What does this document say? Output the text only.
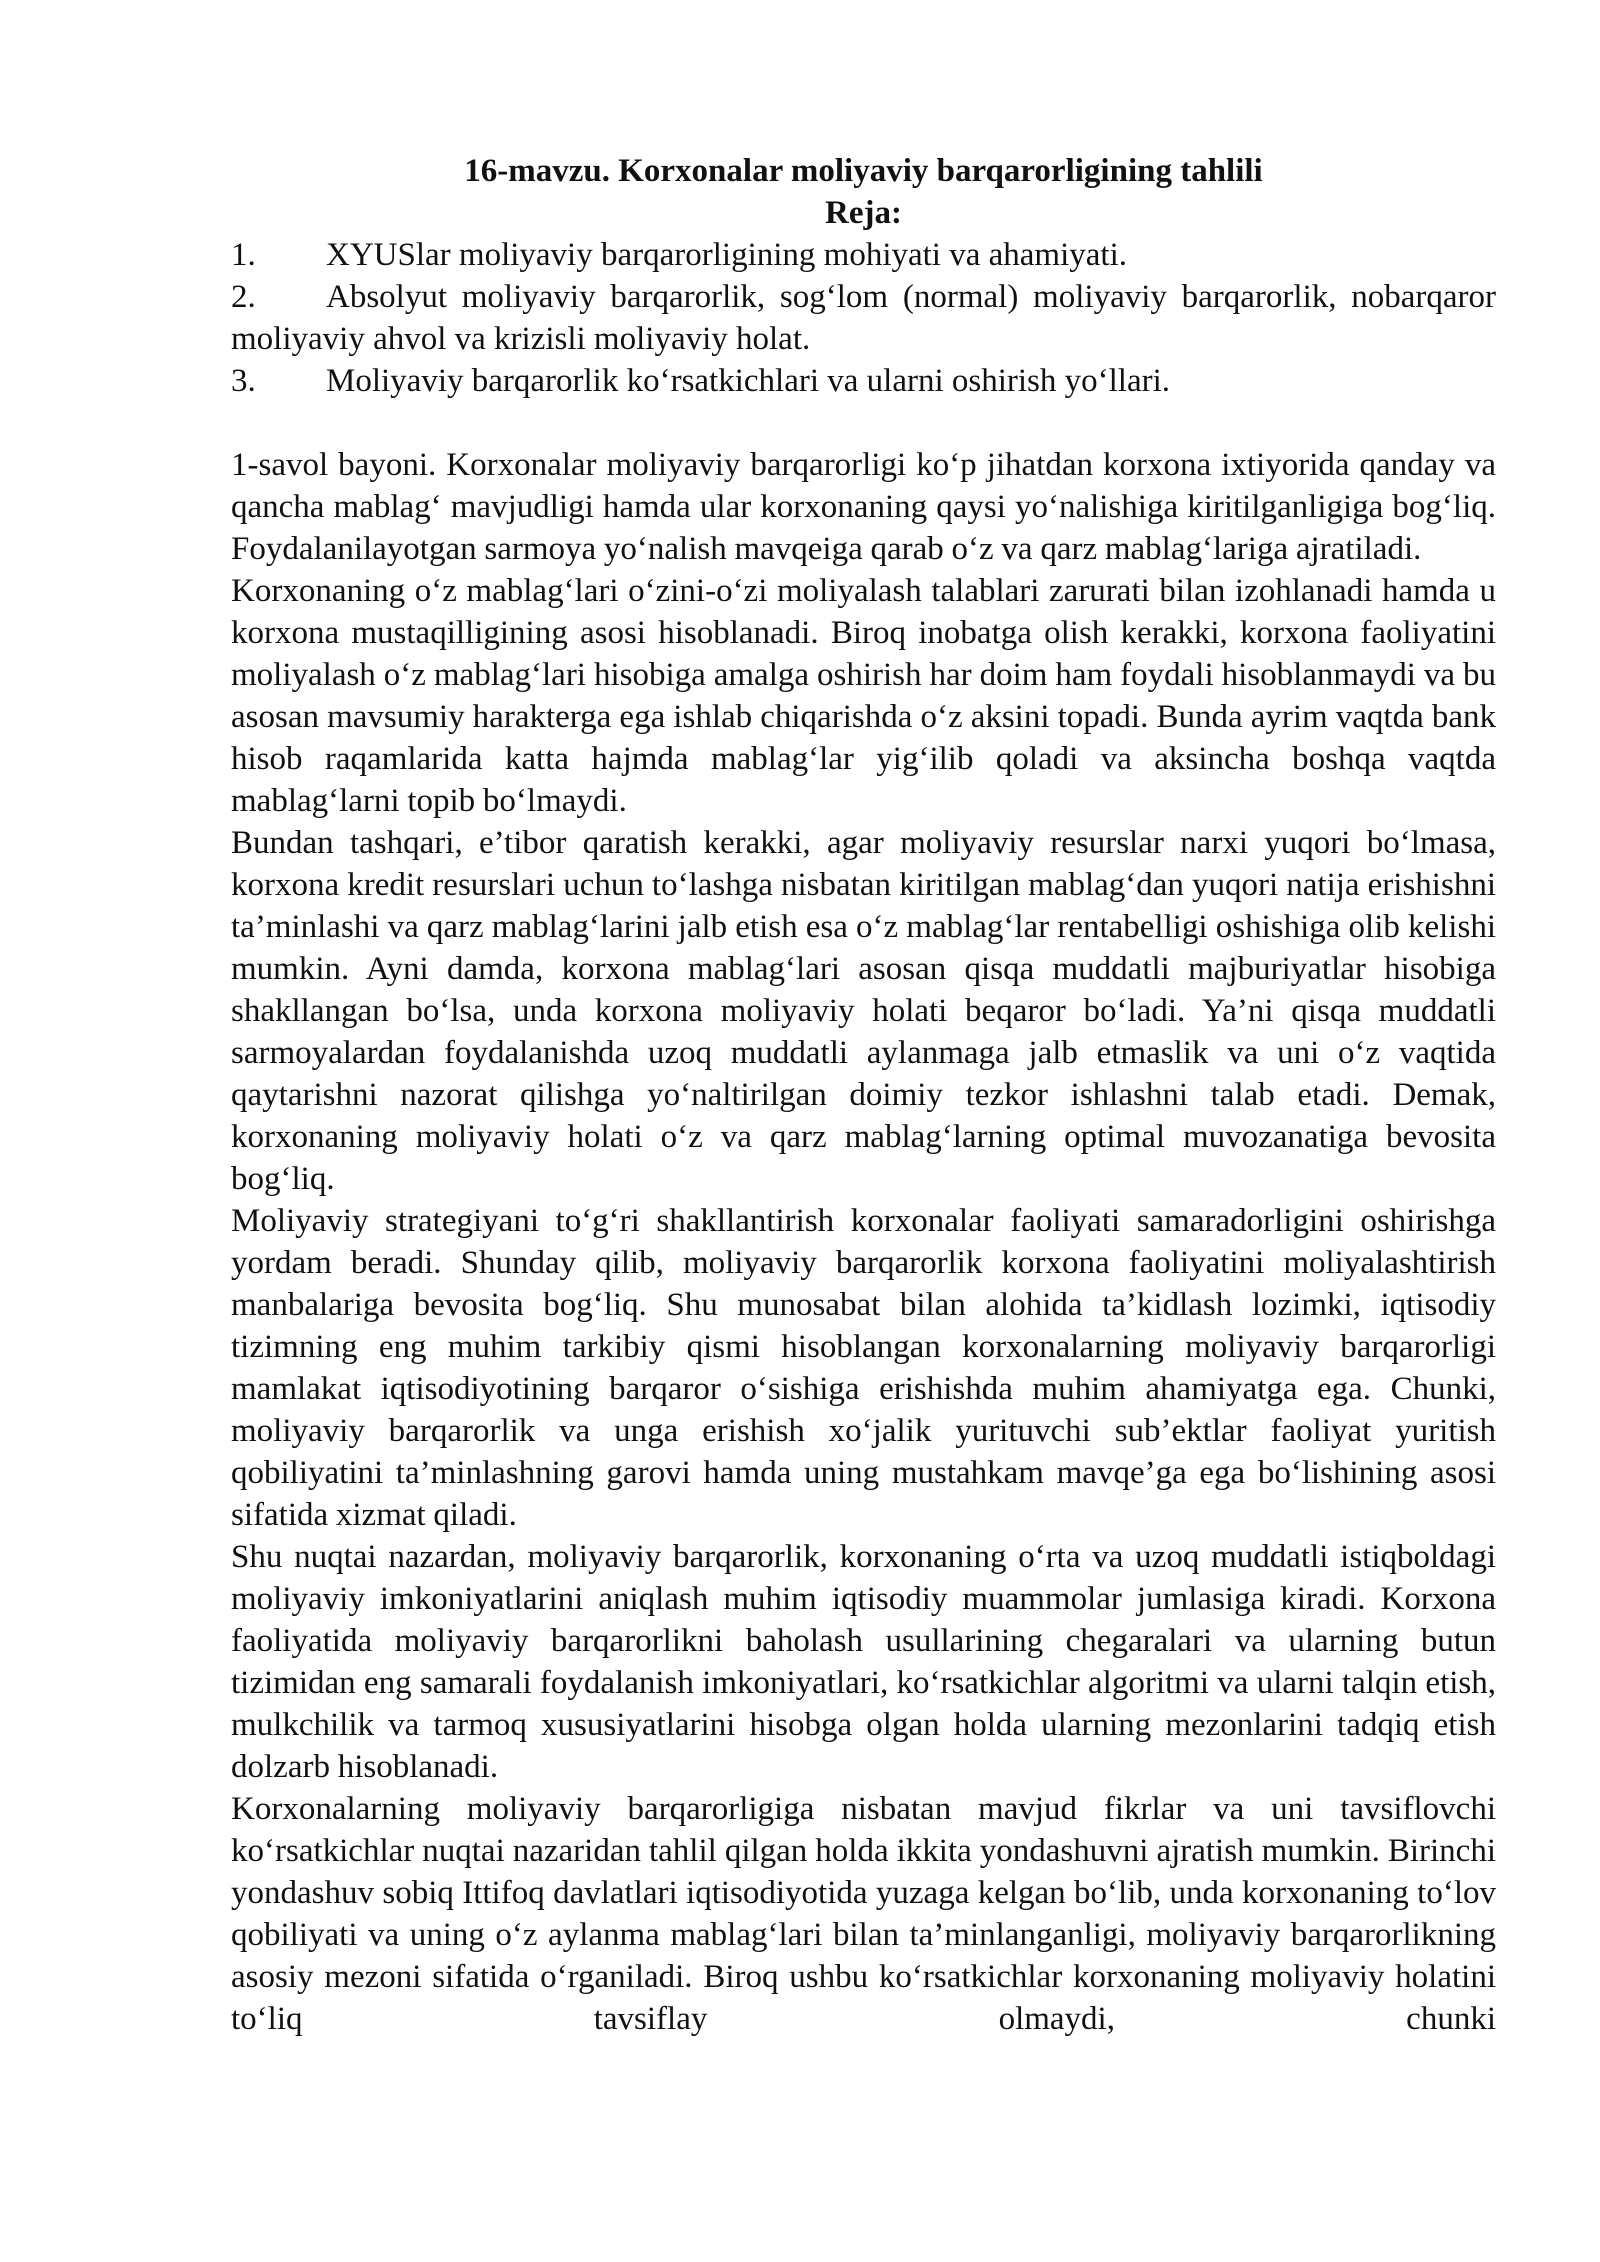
16-mavzu. Korxonalar moliyaviy barqarorligining tahlili

Reja:

1.	XYUSlar moliyaviy barqarorligining mohiyati va ahamiyati.
2. Absolyut moliyaviy barqarorlik, sog‘lom (normal) moliyaviy barqarorlik, nobarqaror moliyaviy ahvol va krizisli moliyaviy holat.
3.	Moliyaviy barqarorlik ko‘rsatkichlari va ularni oshirish yo‘llari.

1-savol bayoni. Korxonalar moliyaviy barqarorligi ko‘p jihatdan korxona ixtiyorida qanday va qancha mablag‘ mavjudligi hamda ular korxonaning qaysi yo‘nalishiga kiritilganligiga bog‘liq. Foydalanilayotgan sarmoya yo‘nalish mavqeiga qarab o‘z va qarz mablag‘lariga ajratiladi.

Korxonaning o‘z mablag‘lari o‘zini-o‘zi moliyalash talablari zarurati bilan izohlanadi hamda u korxona mustaqilligining asosi hisoblanadi. Biroq inobatga olish kerakki, korxona faoliyatini moliyalash o‘z mablag‘lari hisobiga amalga oshirish har doim ham foydali hisoblanmaydi va bu asosan mavsumiy harakterga ega ishlab chiqarishda o‘z aksini topadi. Bunda ayrim vaqtda bank hisob raqamlarida katta hajmda mablag‘lar yig‘ilib qoladi va aksincha boshqa vaqtda mablag‘larni topib bo‘lmaydi.

Bundan tashqari, e’tibor qaratish kerakki, agar moliyaviy resurslar narxi yuqori bo‘lmasa, korxona kredit resurslari uchun to‘lashga nisbatan kiritilgan mablag‘dan yuqori natija erishishni ta’minlashi va qarz mablag‘larini jalb etish esa o‘z mablag‘lar rentabelligi oshishiga olib kelishi mumkin. Ayni damda, korxona mablag‘lari asosan qisqa muddatli majburiyatlar hisobiga shakllangan bo‘lsa, unda korxona moliyaviy holati beqaror bo‘ladi. Ya’ni qisqa muddatli sarmoyalardan foydalanishda uzoq muddatli aylanmaga jalb etmaslik va uni o‘z vaqtida qaytarishni nazorat qilishga yo‘naltirilgan doimiy tezkor ishlashni talab etadi. Demak, korxonaning moliyaviy holati o‘z va qarz mablag‘larning optimal muvozanatiga bevosita bog‘liq.

Moliyaviy strategiyani to‘g‘ri shakllantirish korxonalar faoliyati samaradorligini oshirishga yordam beradi. Shunday qilib, moliyaviy barqarorlik korxona faoliyatini moliyalashtirish manbalariga bevosita bog‘liq. Shu munosabat bilan alohida ta’kidlash lozimki, iqtisodiy tizimning eng muhim tarkibiy qismi hisoblangan korxonalarning moliyaviy barqarorligi mamlakat iqtisodiyotining barqaror o‘sishiga erishishda muhim ahamiyatga ega. Chunki, moliyaviy barqarorlik va unga erishish xo‘jalik yurituvchi sub’ektlar faoliyat yuritish qobiliyatini ta’minlashning garovi hamda uning mustahkam mavqe’ga ega bo‘lishining asosi sifatida xizmat qiladi.

Shu nuqtai nazardan, moliyaviy barqarorlik, korxonaning o‘rta va uzoq muddatli istiqboldagi moliyaviy imkoniyatlarini aniqlash muhim iqtisodiy muammolar jumlasiga kiradi. Korxona faoliyatida moliyaviy barqarorlikni baholash usullarining chegaralari va ularning butun tizimidan eng samarali foydalanish imkoniyatlari, ko‘rsatkichlar algoritmi va ularni talqin etish, mulkchilik va tarmoq xususiyatlarini hisobga olgan holda ularning mezonlarini tadqiq etish dolzarb hisoblanadi.

Korxonalarning moliyaviy barqarorligiga nisbatan mavjud fikrlar va uni tavsiflovchi ko‘rsatkichlar nuqtai nazaridan tahlil qilgan holda ikkita yondashuvni ajratish mumkin. Birinchi yondashuv sobiq Ittifoq davlatlari iqtisodiyotida yuzaga kelgan bo‘lib, unda korxonaning to‘lov qobiliyati va uning o‘z aylanma mablag‘lari bilan ta’minlanganligi, moliyaviy barqarorlikning asosiy mezoni sifatida o‘rganiladi. Biroq ushbu ko‘rsatkichlar korxonaning moliyaviy holatini to‘liq tavsiflay olmaydi, chunki
